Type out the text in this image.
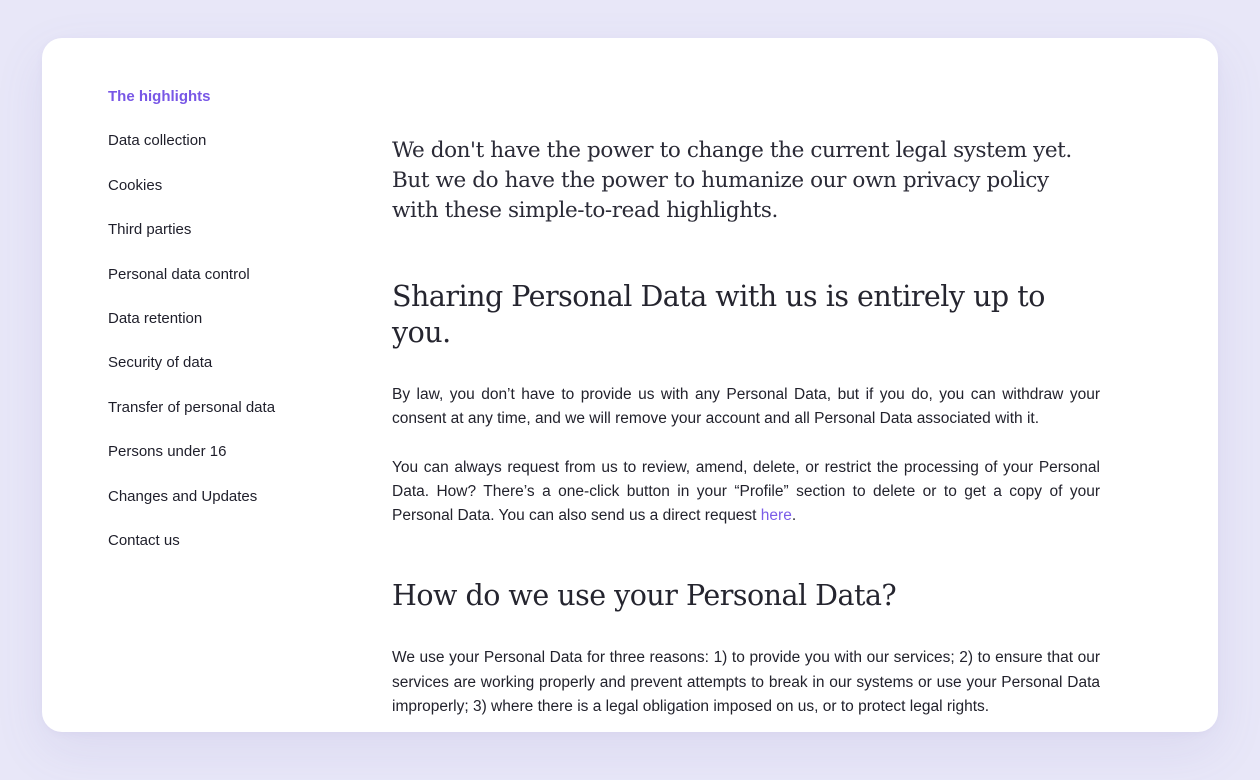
The highlights
Data collection
Cookies
Third parties
Personal data control
Data retention
Security of data
Transfer of personal data
Persons under 16
Changes and Updates
Contact us

We don't have the power to change the current legal system yet. But we do have the power to humanize our own privacy policy with these simple-to-read highlights.

Sharing Personal Data with us is entirely up to you.

By law, you don’t have to provide us with any Personal Data, but if you do, you can withdraw your consent at any time, and we will remove your account and all Personal Data associated with it.

You can always request from us to review, amend, delete, or restrict the processing of your Personal Data. How? There’s a one-click button in your “Profile” section to delete or to get a copy of your Personal Data. You can also send us a direct request here.

How do we use your Personal Data?

We use your Personal Data for three reasons: 1) to provide you with our services; 2) to ensure that our services are working properly and prevent attempts to break in our systems or use your Personal Data improperly; 3) where there is a legal obligation imposed on us, or to protect legal rights.
